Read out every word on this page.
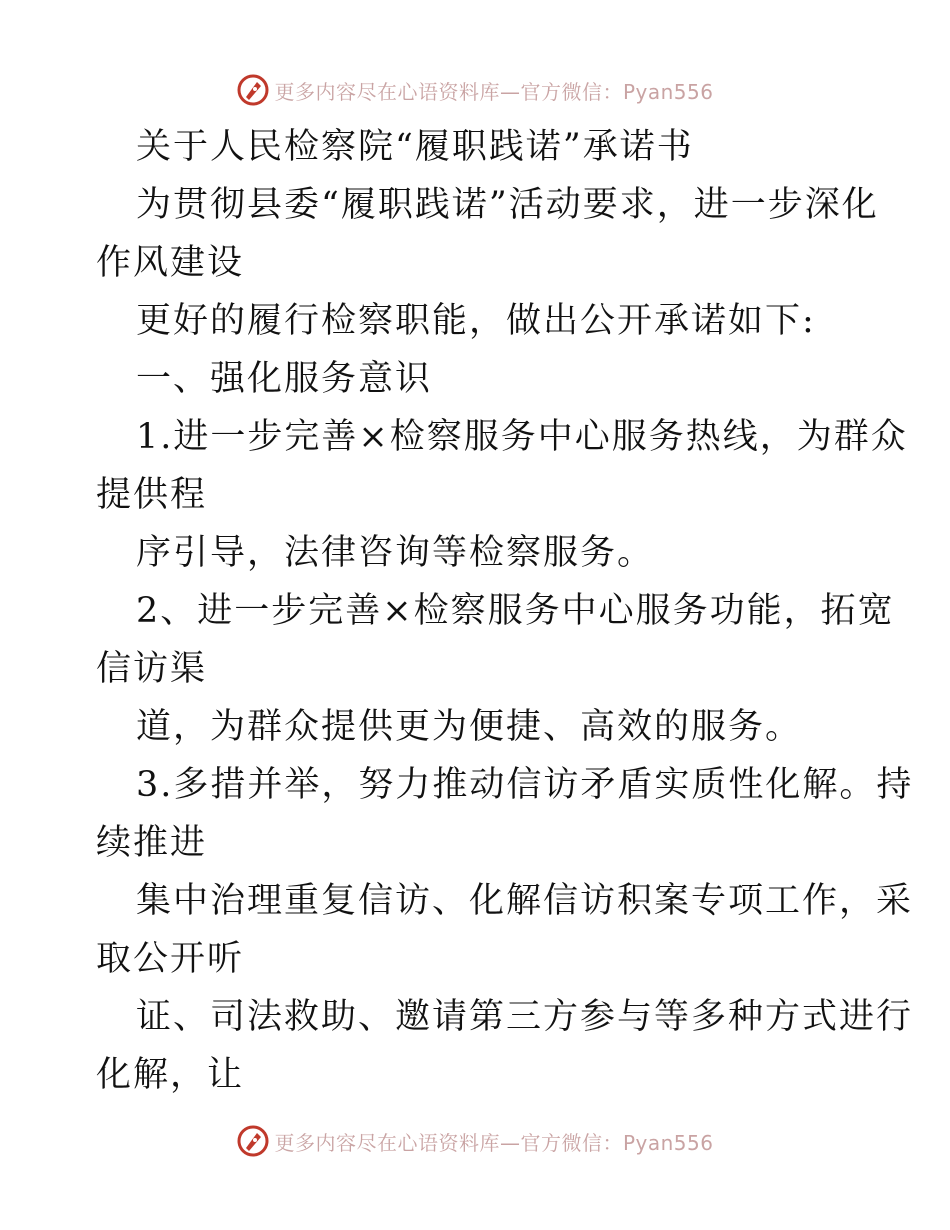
更多内容尽在心语资料库—官方微信：Pyan556
关于人民检察院“履职践诺”承诺书
为贯彻县委“履职践诺”活动要求，进一步深化
作风建设
更好的履行检察职能，做出公开承诺如下:
一、强化服务意识
1.进一步完善×检察服务中心服务热线，为群众
提供程
序引导，法律咨询等检察服务。
2、进一步完善×检察服务中心服务功能，拓宽
信访渠
道，为群众提供更为便捷、高效的服务。
3.多措并举，努力推动信访矛盾实质性化解。持
续推进
集中治理重复信访、化解信访积案专项工作，采
取公开听
证、司法救助、邀请第三方参与等多种方式进行
化解，让
更多内容尽在心语资料库—官方微信：Pyan556
